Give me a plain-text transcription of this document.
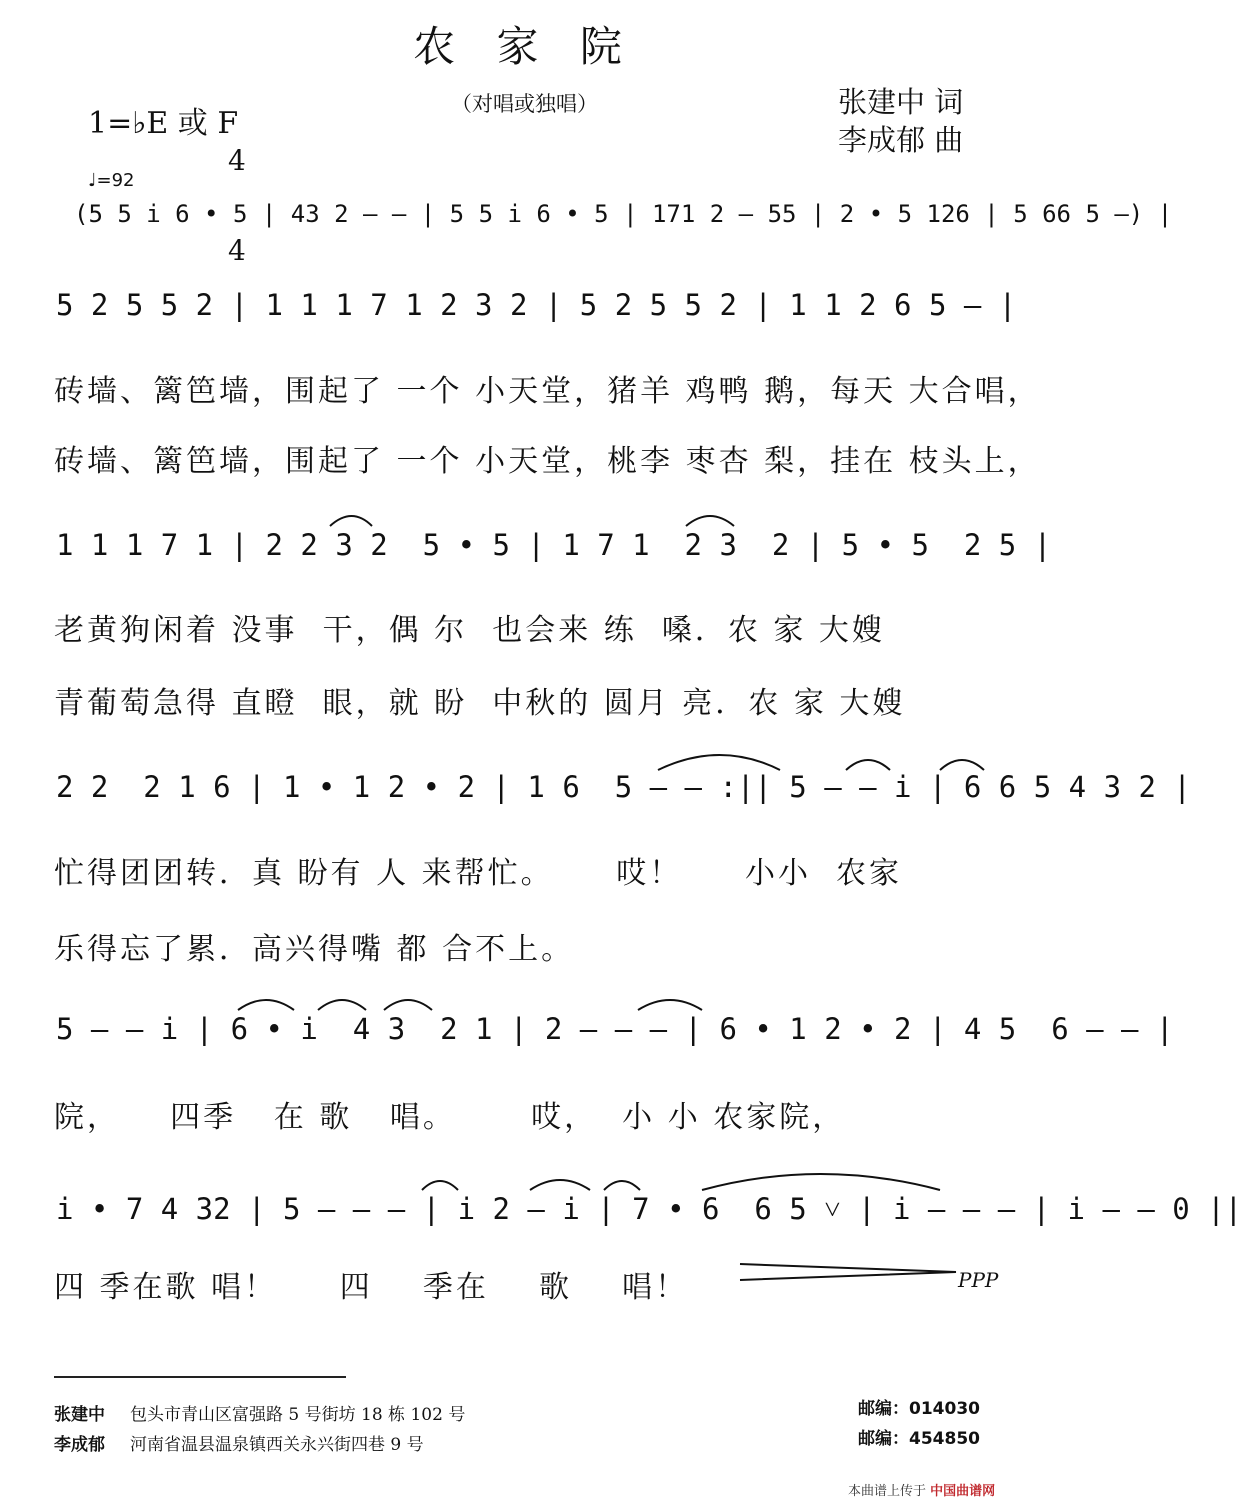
农 家 院
1=♭E 或 F

4

4

（对唱或独唱）	张建中 词
李成郁 曲
♩=92
(5 5 i 6 • 5 | 43 2 — — | 5 5 i 6 • 5 | 171 2 — 55 | 2 • 5 126 | 5 66 5 —) |
5 2 5 5 2 | 1 1 1 7 1 2 3 2 | 5 2 5 5 2 | 1 1 2 6 5 — |
砖墙、篱笆墙，围起了 一个 小天堂，猪羊 鸡鸭 鹅，每天 大合唱，
砖墙、篱笆墙，围起了 一个 小天堂，桃李 枣杏 梨，挂在 枝头上，
1 1 1 7 1 | 2 2 3 2  5 • 5 | 1 7 1  2 3  2 | 5 • 5  2 5 |
老黄狗闲着 没事  干，偶 尔  也会来 练  嗓．农 家 大嫂
青葡萄急得 直瞪  眼，就 盼  中秋的 圆月 亮．农 家 大嫂
2 2  2 1 6 | 1 • 1 2 • 2 | 1 6  5 — — :|| 5 — — i | 6 6 5 4 3 2 |
忙得团团转．真 盼有 人 来帮忙。     哎！     小小  农家
乐得忘了累．高兴得嘴 都 合不上。
5 — — i | 6 • i  4 3  2 1 | 2 — — — | 6 • 1 2 • 2 | 4 5  6 — — |
院，    四季   在 歌   唱。      哎，  小 小 农家院，
i • 7 4 32 | 5 — — — | i 2 — i | 7 • 6  6 5 ˅ | i — — — | i — — 0 ||
四 季在歌 唱！     四    季在    歌    唱！	PPP
张建中 包头市青山区富强路 5 号街坊 18 栋 102 号	邮编：014030
李成郁 河南省温县温泉镇西关永兴街四巷 9 号	邮编：454850
本曲谱上传于 中国曲谱网
